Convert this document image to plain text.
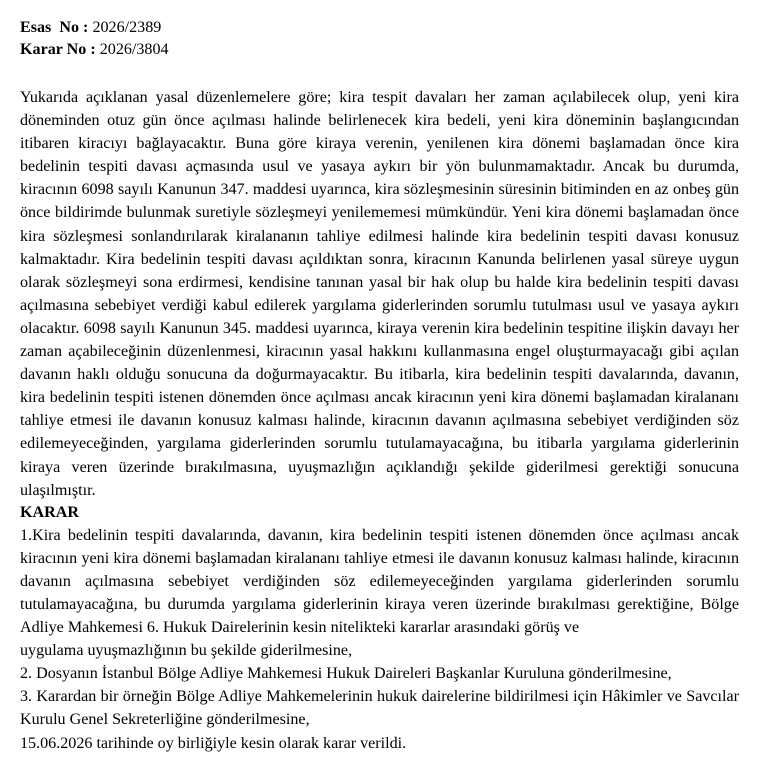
Esas  No : 2026/2389
Karar No : 2026/3804

Yukarıda açıklanan yasal düzenlemelere göre; kira tespit davaları her zaman açılabilecek olup, yeni kira döneminden otuz gün önce açılması halinde belirlenecek kira bedeli, yeni kira döneminin başlangıcından itibaren kiracıyı bağlayacaktır. Buna göre kiraya verenin, yenilenen kira dönemi başlamadan önce kira bedelinin tespiti davası açmasında usul ve yasaya aykırı bir yön bulunmamaktadır. Ancak bu durumda, kiracının 6098 sayılı Kanunun 347. maddesi uyarınca, kira sözleşmesinin süresinin bitiminden en az onbeş gün önce bildirimde bulunmak suretiyle sözleşmeyi yenilememesi mümkündür. Yeni kira dönemi başlamadan önce kira sözleşmesi sonlandırılarak kiralananın tahliye edilmesi halinde kira bedelinin tespiti davası konusuz kalmaktadır. Kira bedelinin tespiti davası açıldıktan sonra, kiracının Kanunda belirlenen yasal süreye uygun olarak sözleşmeyi sona erdirmesi, kendisine tanınan yasal bir hak olup bu halde kira bedelinin tespiti davası açılmasına sebebiyet verdiği kabul edilerek yargılama giderlerinden sorumlu tutulması usul ve yasaya aykırı olacaktır. 6098 sayılı Kanunun 345. maddesi uyarınca, kiraya verenin kira bedelinin tespitine ilişkin davayı her zaman açabileceğinin düzenlenmesi, kiracının yasal hakkını kullanmasına engel oluşturmayacağı gibi açılan davanın haklı olduğu sonucuna da doğurmayacaktır. Bu itibarla, kira bedelinin tespiti davalarında, davanın, kira bedelinin tespiti istenen dönemden önce açılması ancak kiracının yeni kira dönemi başlamadan kiralananı tahliye etmesi ile davanın konusuz kalması halinde, kiracının davanın açılmasına sebebiyet verdiğinden söz edilemeyeceğinden, yargılama giderlerinden sorumlu tutulamayacağına, bu itibarla yargılama giderlerinin kiraya veren üzerinde bırakılmasına, uyuşmazlığın açıklandığı şekilde giderilmesi gerektiği sonucuna ulaşılmıştır.

KARAR

1.Kira bedelinin tespiti davalarında, davanın, kira bedelinin tespiti istenen dönemden önce açılması ancak kiracının yeni kira dönemi başlamadan kiralananı tahliye etmesi ile davanın konusuz kalması halinde, kiracının davanın açılmasına sebebiyet verdiğinden söz edilemeyeceğinden yargılama giderlerinden sorumlu tutulamayacağına, bu durumda yargılama giderlerinin kiraya veren üzerinde bırakılması gerektiğine, Bölge Adliye Mahkemesi 6. Hukuk Dairelerinin kesin nitelikteki kararlar arasındaki görüş ve
uygulama uyuşmazlığının bu şekilde giderilmesine,

2. Dosyanın İstanbul Bölge Adliye Mahkemesi Hukuk Daireleri Başkanlar Kuruluna gönderilmesine,

3. Karardan bir örneğin Bölge Adliye Mahkemelerinin hukuk dairelerine bildirilmesi için Hâkimler ve Savcılar Kurulu Genel Sekreterliğine gönderilmesine,

15.06.2026 tarihinde oy birliğiyle kesin olarak karar verildi.
